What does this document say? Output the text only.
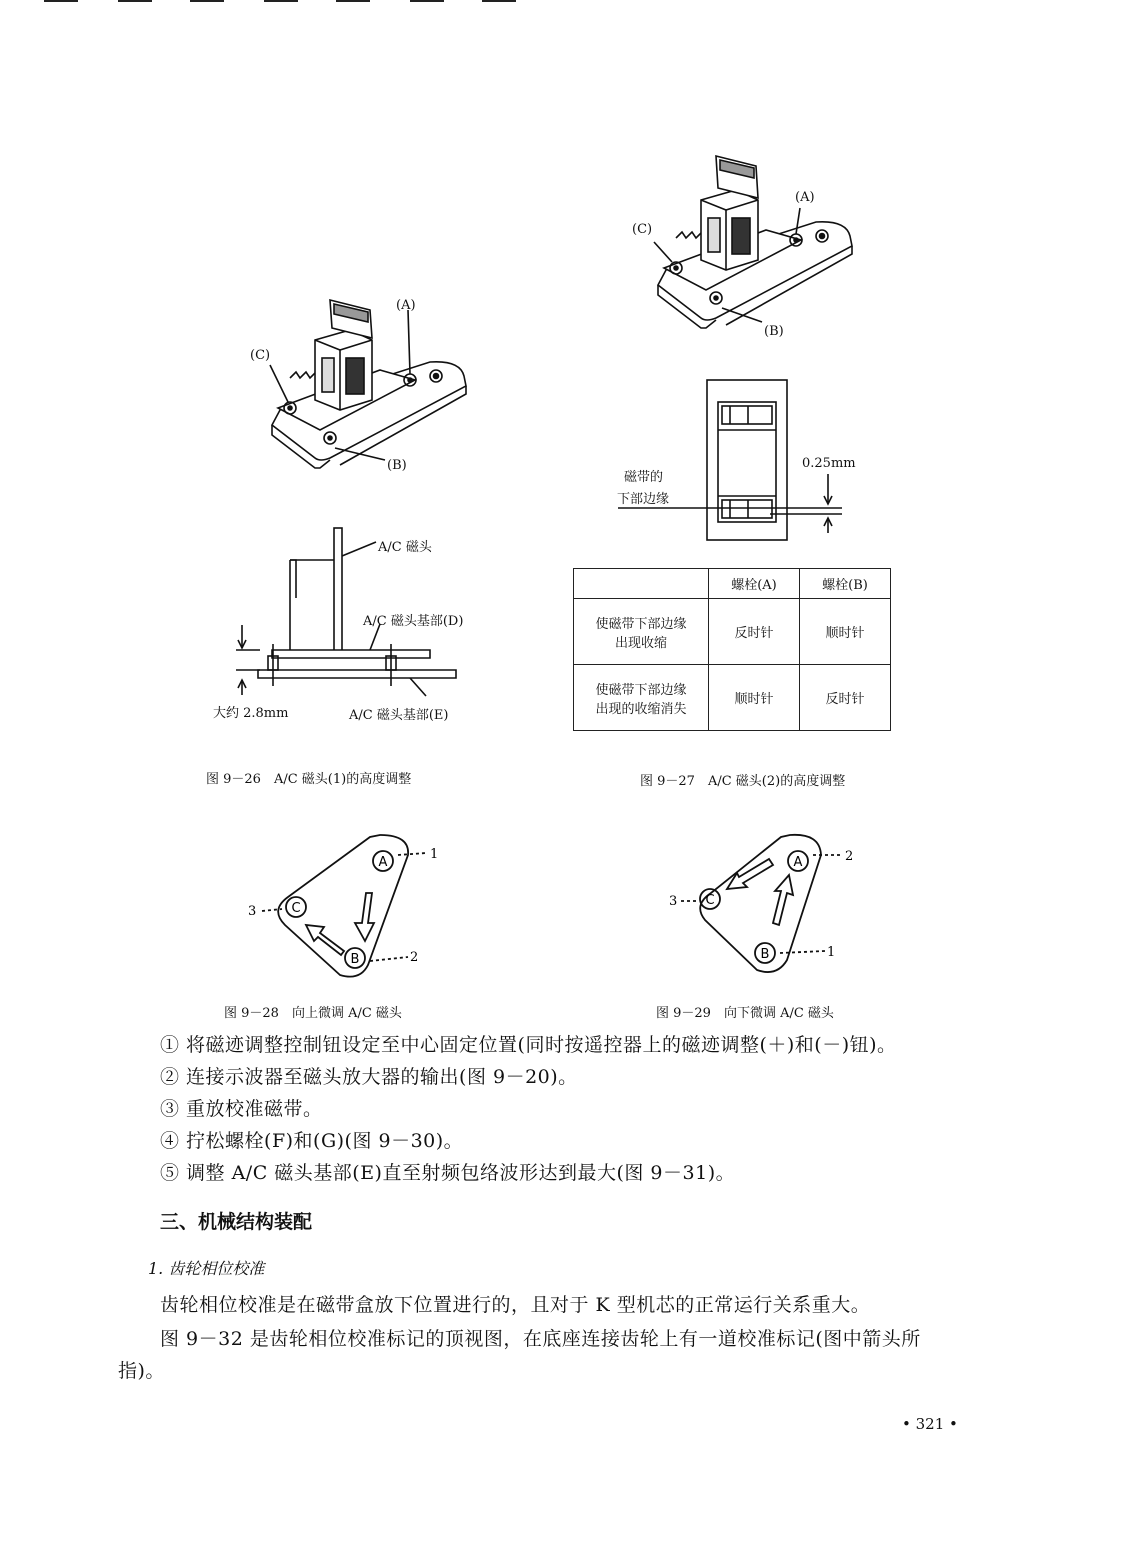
(A)
(C)
(B)
A/C 磁头
A/C 磁头基部(D)
大约 2.8mm	A/C 磁头基部(E)
图 9－26　A/C 磁头(1)的高度调整
(A)
(C)
(B)
磁带的
下部边缘
0.25mm
	螺栓(A)	螺栓(B)

使磁带下部边缘
出现收缩	反时针	顺时针

使磁带下部边缘
出现的收缩消失	顺时针	反时针
图 9－27　A/C 磁头(2)的高度调整
A
C
B
1
2
3
图 9－28　向上微调 A/C 磁头
A
C
B
2
1
3
图 9－29　向下微调 A/C 磁头
① 将磁迹调整控制钮设定至中心固定位置(同时按遥控器上的磁迹调整(＋)和(－)钮)。
② 连接示波器至磁头放大器的输出(图 9－20)。
③ 重放校准磁带。
④ 拧松螺栓(F)和(G)(图 9－30)。
⑤ 调整 A/C 磁头基部(E)直至射频包络波形达到最大(图 9－31)。
三、机械结构装配
1. 齿轮相位校准
齿轮相位校准是在磁带盒放下位置进行的，且对于 K 型机芯的正常运行关系重大。
图 9－32 是齿轮相位校准标记的顶视图，在底座连接齿轮上有一道校准标记(图中箭头所
指)。
• 321 •
